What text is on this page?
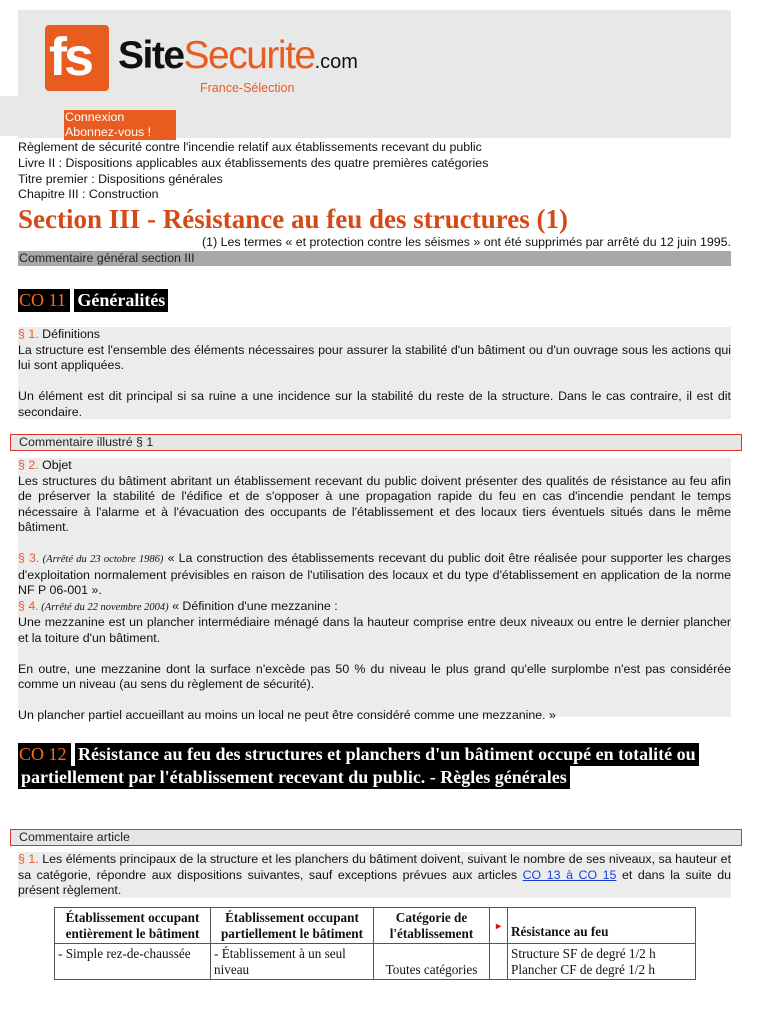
fs SiteSecurite.com
France-Sélection
Connexion
Abonnez-vous !
Règlement de sécurité contre l'incendie relatif aux établissements recevant du public
Livre II : Dispositions applicables aux établissements des quatre premières catégories
Titre premier : Dispositions générales
Chapitre III : Construction
Section III - Résistance au feu des structures (1)
(1) Les termes « et protection contre les séismes » ont été supprimés par arrêté du 12 juin 1995.
Commentaire général section III
CO 11 Généralités
§ 1. Définitions
La structure est l'ensemble des éléments nécessaires pour assurer la stabilité d'un bâtiment ou d'un ouvrage sous les actions qui lui sont appliquées.
Un élément est dit principal si sa ruine a une incidence sur la stabilité du reste de la structure. Dans le cas contraire, il est dit secondaire.
Commentaire illustré § 1
§ 2. Objet
Les structures du bâtiment abritant un établissement recevant du public doivent présenter des qualités de résistance au feu afin de préserver la stabilité de l'édifice et de s'opposer à une propagation rapide du feu en cas d'incendie pendant le temps nécessaire à l'alarme et à l'évacuation des occupants de l'établissement et des locaux tiers éventuels situés dans le même bâtiment.
§ 3. (Arrêté du 23 octobre 1986) « La construction des établissements recevant du public doit être réalisée pour supporter les charges d'exploitation normalement prévisibles en raison de l'utilisation des locaux et du type d'établissement en application de la norme NF P 06-001 ».
§ 4. (Arrêté du 22 novembre 2004) « Définition d'une mezzanine :
Une mezzanine est un plancher intermédiaire ménagé dans la hauteur comprise entre deux niveaux ou entre le dernier plancher et la toiture d'un bâtiment.
En outre, une mezzanine dont la surface n'excède pas 50 % du niveau le plus grand qu'elle surplombe n'est pas considérée comme un niveau (au sens du règlement de sécurité).
Un plancher partiel accueillant au moins un local ne peut être considéré comme une mezzanine. »
CO 12 Résistance au feu des structures et planchers d'un bâtiment occupé en totalité ou partiellement par l'établissement recevant du public. - Règles générales
Commentaire article
§ 1. Les éléments principaux de la structure et les planchers du bâtiment doivent, suivant le nombre de ses niveaux, sa hauteur et sa catégorie, répondre aux dispositions suivantes, sauf exceptions prévues aux articles CO 13 à CO 15 et dans la suite du présent règlement.
Établissement occupant entièrement le bâtiment	Établissement occupant partiellement le bâtiment	Catégorie de l'établissement	▸	Résistance au feu
- Simple rez-de-chaussée	- Établissement à un seul niveau	Toutes catégories		Structure SF de degré 1/2 h
Plancher CF de degré 1/2 h
